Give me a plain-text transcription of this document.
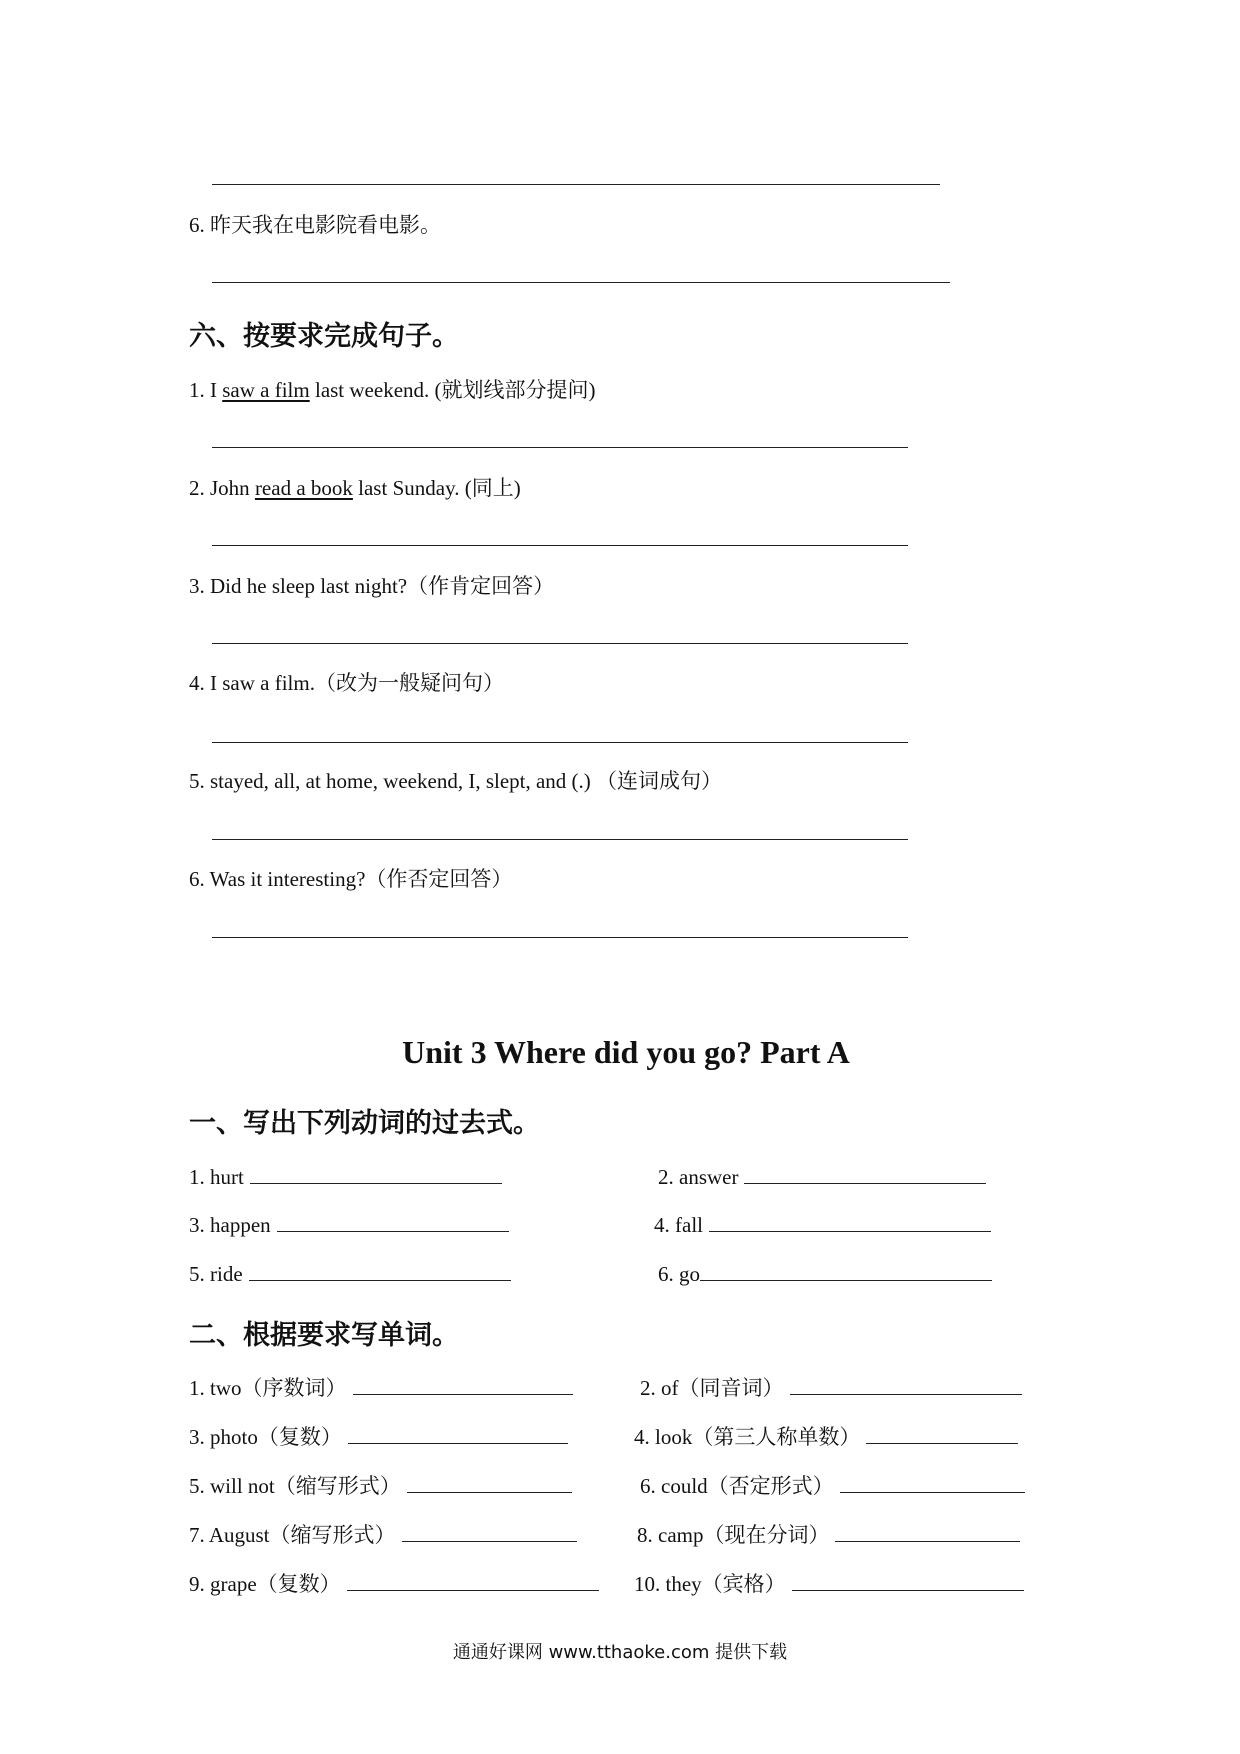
6. 昨天我在电影院看电影。
六、按要求完成句子。
1. I saw a film last weekend. (就划线部分提问)
2. John read a book last Sunday. (同上)
3. Did he sleep last night?（作肯定回答）
4. I saw a film.（改为一般疑问句）
5. stayed, all, at home, weekend, I, slept, and (.) （连词成句）
6. Was it interesting?（作否定回答）
Unit 3 Where did you go? Part A
一、写出下列动词的过去式。
1. hurt	2. answer
3. happen	4. fall
5. ride	6. go
二、根据要求写单词。
1. two（序数词）	2. of（同音词）
3. photo（复数）	4. look（第三人称单数）
5. will not（缩写形式）	6. could（否定形式）
7. August（缩写形式）	8. camp（现在分词）
9. grape（复数）	10. they（宾格）
通通好课网 www.tthaoke.com 提供下载
